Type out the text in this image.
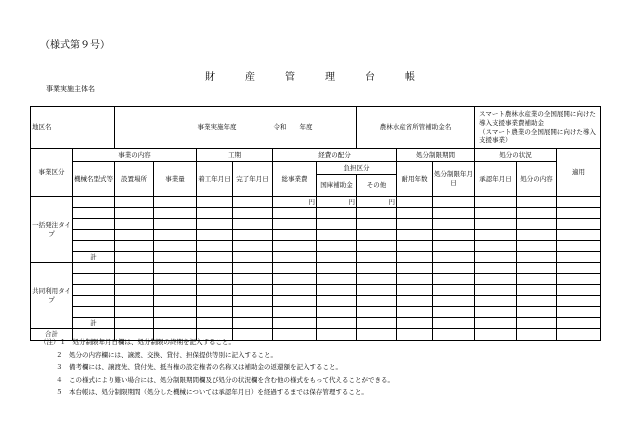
（様式第９号）
財　産　管　理　台　帳
事業実施主体名
地区名				事業実施年度		令和　　年度		農林水産省所管補助金名			スマート農林水産業の全国展開に向けた導入支援事業費補助金
（スマート農業の全国展開に向けた導入支援事業）		

事業区分	事業の内容			工期		経費の配分			処分制限期間		処分の状況		適用
	機械名型式等	設置場所	事業量	着工年月日	完了年月日	総事業費	負担区分		耐用年数	処分制限年月日	承認年月日	処分の内容	
							国庫補助金	その他					
一括発注タイプ						円	円	円					

	計												
共同利用タイプ													

	計												
合計													
（注）１　処分制限年月日欄は、処分制限の終期を記入すること。
２　処分の内容欄には、譲渡、交換、貸付、担保提供等別に記入すること。
３　備考欄には、譲渡先、貸付先、抵当権の設定権者の名称又は補助金の返還額を記入すること。
４　この様式により難い場合には、処分制限期間欄及び処分の状況欄を含む他の様式をもって代えることができる。
５　本台帳は、処分制限期間（処分した機械については承認年月日）を経過するまでは保存管理すること。
